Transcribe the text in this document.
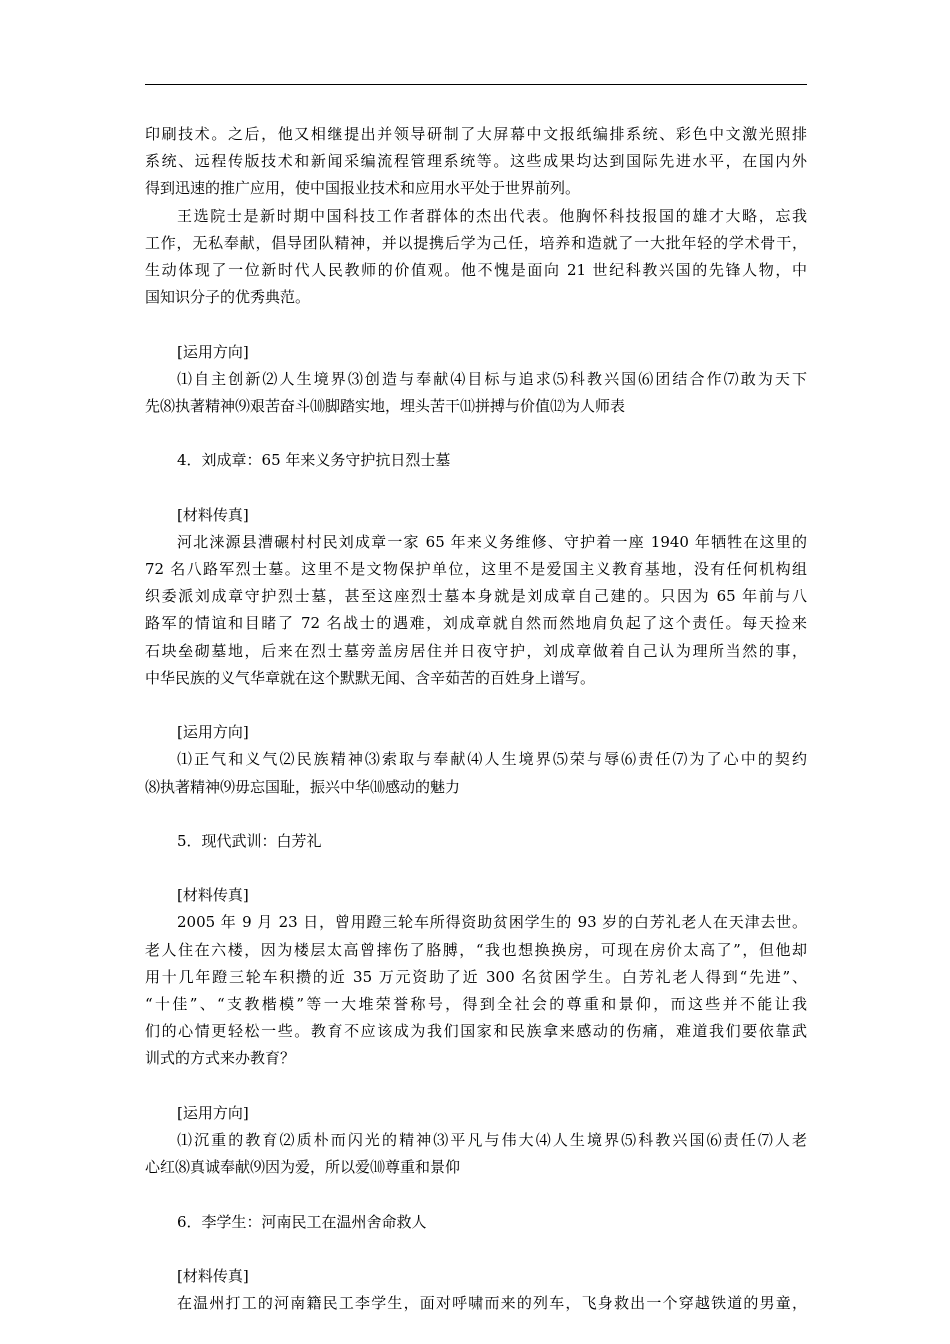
印刷技术。之后，他又相继提出并领导研制了大屏幕中文报纸编排系统、彩色中文激光照排
系统、远程传版技术和新闻采编流程管理系统等。这些成果均达到国际先进水平，在国内外
得到迅速的推广应用，使中国报业技术和应用水平处于世界前列。
王选院士是新时期中国科技工作者群体的杰出代表。他胸怀科技报国的雄才大略，忘我
工作，无私奉献，倡导团队精神，并以提携后学为己任，培养和造就了一大批年轻的学术骨干，
生动体现了一位新时代人民教师的价值观。他不愧是面向 21 世纪科教兴国的先锋人物，中
国知识分子的优秀典范。
[运用方向]
⑴自主创新⑵人生境界⑶创造与奉献⑷目标与追求⑸科教兴国⑹团结合作⑺敢为天下
先⑻执著精神⑼艰苦奋斗⑽脚踏实地，埋头苦干⑾拼搏与价值⑿为人师表
4．刘成章：65 年来义务守护抗日烈士墓
[材料传真]
河北涞源县漕碾村村民刘成章一家 65 年来义务维修、守护着一座 1940 年牺牲在这里的
72 名八路军烈士墓。这里不是文物保护单位，这里不是爱国主义教育基地，没有任何机构组
织委派刘成章守护烈士墓，甚至这座烈士墓本身就是刘成章自己建的。只因为 65 年前与八
路军的情谊和目睹了 72 名战士的遇难，刘成章就自然而然地肩负起了这个责任。每天捡来
石块垒砌墓地，后来在烈士墓旁盖房居住并日夜守护，刘成章做着自己认为理所当然的事，
中华民族的义气华章就在这个默默无闻、含辛茹苦的百姓身上谱写。
[运用方向]
⑴正气和义气⑵民族精神⑶索取与奉献⑷人生境界⑸荣与辱⑹责任⑺为了心中的契约
⑻执著精神⑼毋忘国耻，振兴中华⑽感动的魅力
5．现代武训：白芳礼
[材料传真]
2005 年 9 月 23 日，曾用蹬三轮车所得资助贫困学生的 93 岁的白芳礼老人在天津去世。
老人住在六楼，因为楼层太高曾摔伤了胳膊，“我也想换换房，可现在房价太高了”，但他却
用十几年蹬三轮车积攒的近 35 万元资助了近 300 名贫困学生。白芳礼老人得到“先进”、
“十佳”、“支教楷模”等一大堆荣誉称号，得到全社会的尊重和景仰，而这些并不能让我
们的心情更轻松一些。教育不应该成为我们国家和民族拿来感动的伤痛，难道我们要依靠武
训式的方式来办教育？
[运用方向]
⑴沉重的教育⑵质朴而闪光的精神⑶平凡与伟大⑷人生境界⑸科教兴国⑹责任⑺人老
心红⑻真诚奉献⑼因为爱，所以爱⑽尊重和景仰
6．李学生：河南民工在温州舍命救人
[材料传真]
在温州打工的河南籍民工李学生，面对呼啸而来的列车，飞身救出一个穿越铁道的男童，
